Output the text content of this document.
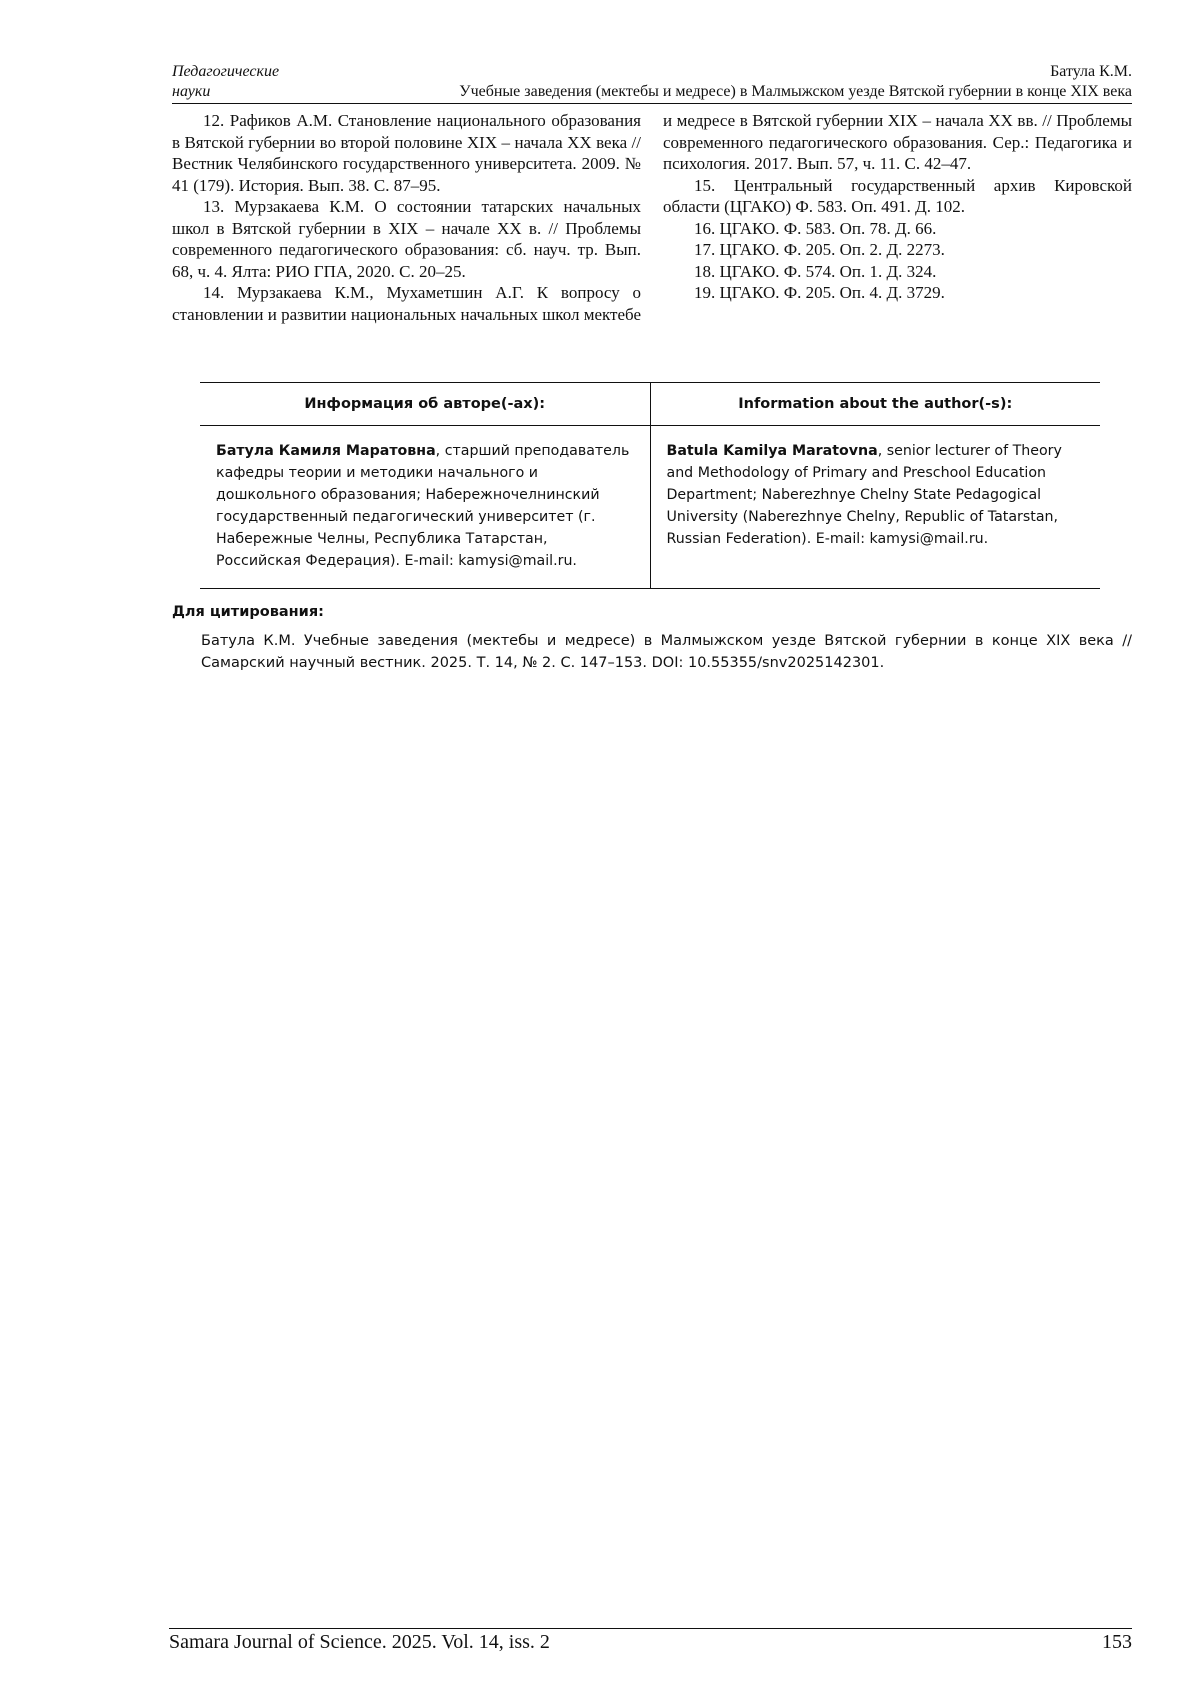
Педагогические науки
Батула К.М.
Учебные заведения (мектебы и медресе) в Малмыжском уезде Вятской губернии в конце XIX века

12. Рафиков А.М. Становление национального образования в Вятской губернии во второй половине XIX – начала XX века // Вестник Челябинского государственного университета. 2009. № 41 (179). История. Вып. 38. С. 87–95.

13. Мурзакаева К.М. О состоянии татарских начальных школ в Вятской губернии в XIX – начале XX в. // Проблемы современного педагогического образования: сб. науч. тр. Вып. 68, ч. 4. Ялта: РИО ГПА, 2020. С. 20–25.

14. Мурзакаева К.М., Мухаметшин А.Г. К вопросу о становлении и развитии национальных начальных школ мектебе и медресе в Вятской губернии XIX – начала XX вв. // Проблемы современного педагогического образования. Сер.: Педагогика и психология. 2017. Вып. 57, ч. 11. С. 42–47.

15. Центральный государственный архив Кировской области (ЦГАКО) Ф. 583. Оп. 491. Д. 102.

16. ЦГАКО. Ф. 583. Оп. 78. Д. 66.

17. ЦГАКО. Ф. 205. Оп. 2. Д. 2273.

18. ЦГАКО. Ф. 574. Оп. 1. Д. 324.

19. ЦГАКО. Ф. 205. Оп. 4. Д. 3729.

Информация об авторе(-ах):	Information about the author(-s):
Батула Камиля Маратовна, старший преподаватель кафедры теории и методики начального и дошкольного образования; Набережночелнинский государственный педагогический университет (г. Набережные Челны, Республика Татарстан, Российская Федерация). E-mail: kamysi@mail.ru.	Batula Kamilya Maratovna, senior lecturer of Theory and Methodology of Primary and Preschool Education Department; Naberezhnye Chelny State Pedagogical University (Naberezhnye Chelny, Republic of Tatarstan, Russian Federation). E-mail: kamysi@mail.ru.
Для цитирования:
Батула К.М. Учебные заведения (мектебы и медресе) в Малмыжском уезде Вятской губернии в конце XIX века // Самарский научный вестник. 2025. Т. 14, № 2. С. 147–153. DOI: 10.55355/snv2025142301.
Samara Journal of Science. 2025. Vol. 14, iss. 2	153
